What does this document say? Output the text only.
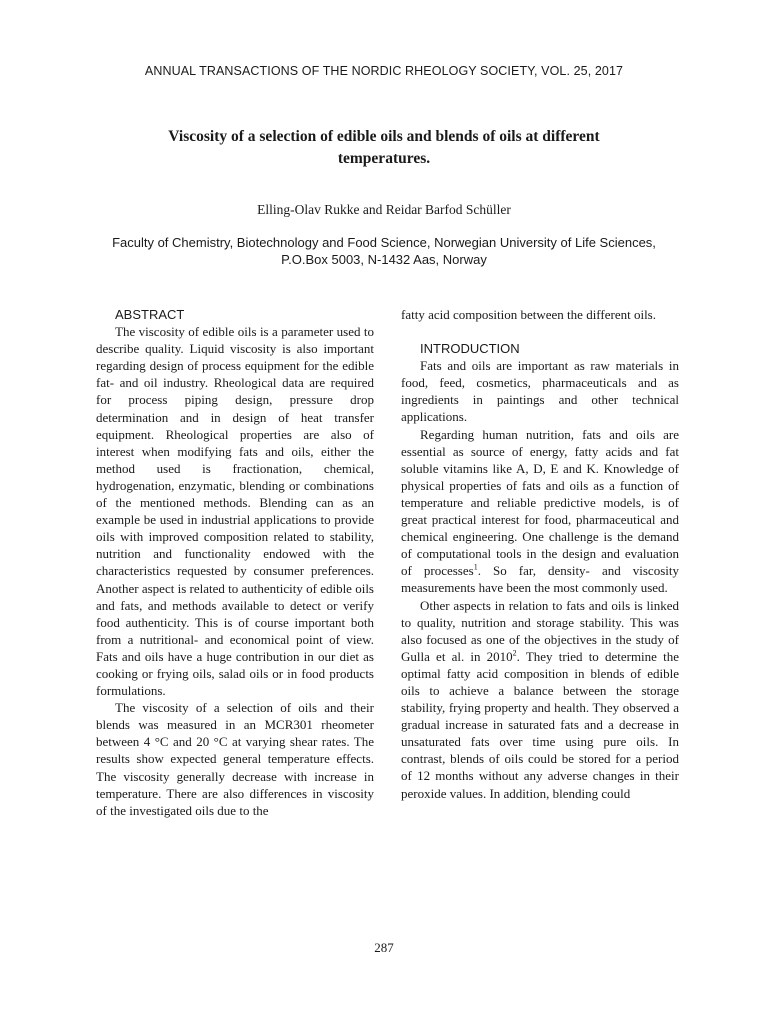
ANNUAL TRANSACTIONS OF THE NORDIC RHEOLOGY SOCIETY, VOL. 25, 2017
Viscosity of a selection of edible oils and blends of oils at different temperatures.
Elling-Olav Rukke and Reidar Barfod Schüller
Faculty of Chemistry, Biotechnology and Food Science, Norwegian University of Life Sciences, P.O.Box 5003, N-1432 Aas, Norway

ABSTRACT

The viscosity of edible oils is a parameter used to describe quality. Liquid viscosity is also important regarding design of process equipment for the edible fat- and oil industry. Rheological data are required for process piping design, pressure drop determination and in design of heat transfer equipment. Rheological properties are also of interest when modifying fats and oils, either the method used is fractionation, chemical, hydrogenation, enzymatic, blending or combinations of the mentioned methods. Blending can as an example be used in industrial applications to provide oils with improved composition related to stability, nutrition and functionality endowed with the characteristics requested by consumer preferences. Another aspect is related to authenticity of edible oils and fats, and methods available to detect or verify food authenticity. This is of course important both from a nutritional- and economical point of view. Fats and oils have a huge contribution in our diet as cooking or frying oils, salad oils or in food products formulations.

The viscosity of a selection of oils and their blends was measured in an MCR301 rheometer between 4 °C and 20 °C at varying shear rates. The results show expected general temperature effects. The viscosity generally decrease with increase in temperature. There are also differences in viscosity of the investigated oils due to the

fatty acid composition between the different oils.

INTRODUCTION

Fats and oils are important as raw materials in food, feed, cosmetics, pharmaceuticals and as ingredients in paintings and other technical applications.

Regarding human nutrition, fats and oils are essential as source of energy, fatty acids and fat soluble vitamins like A, D, E and K. Knowledge of physical properties of fats and oils as a function of temperature and reliable predictive models, is of great practical interest for food, pharmaceutical and chemical engineering. One challenge is the demand of computational tools in the design and evaluation of processes$^1$. So far, density- and viscosity measurements have been the most commonly used.

Other aspects in relation to fats and oils is linked to quality, nutrition and storage stability. This was also focused as one of the objectives in the study of Gulla et al. in 2010$^2$. They tried to determine the optimal fatty acid composition in blends of edible oils to achieve a balance between the storage stability, frying property and health. They observed a gradual increase in saturated fats and a decrease in unsaturated fats over time using pure oils. In contrast, blends of oils could be stored for a period of 12 months without any adverse changes in their peroxide values. In addition, blending could

287
